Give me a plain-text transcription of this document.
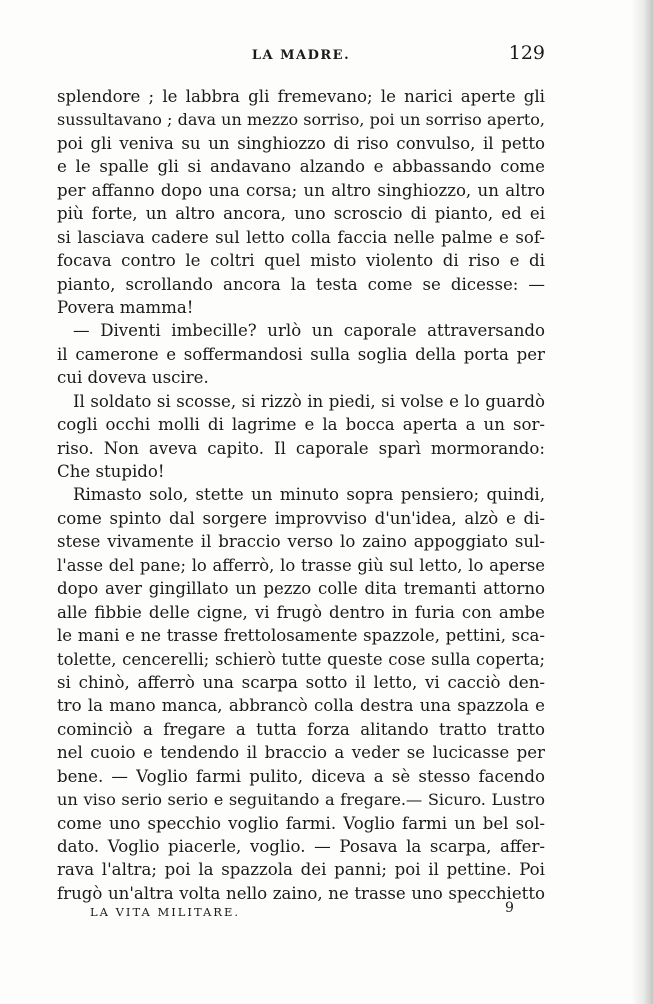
LA MADRE.	129
splendore ; le labbra gli fremevano; le narici aperte gli
sussultavano ; dava un mezzo sorriso, poi un sorriso aperto,
poi gli veniva su un singhiozzo di riso convulso, il petto
e le spalle gli si andavano alzando e abbassando come
per affanno dopo una corsa; un altro singhiozzo, un altro
più forte, un altro ancora, uno scroscio di pianto, ed ei
si lasciava cadere sul letto colla faccia nelle palme e sof-
focava contro le coltri quel misto violento di riso e di
pianto, scrollando ancora la testa come se dicesse: —
Povera mamma!
— Diventi imbecille? urlò un caporale attraversando
il camerone e soffermandosi sulla soglia della porta per
cui doveva uscire.
Il soldato si scosse, si rizzò in piedi, si volse e lo guardò
cogli occhi molli di lagrime e la bocca aperta a un sor-
riso. Non aveva capito. Il caporale sparì mormorando:
Che stupido!
Rimasto solo, stette un minuto sopra pensiero; quindi,
come spinto dal sorgere improvviso d'un'idea, alzò e di-
stese vivamente il braccio verso lo zaino appoggiato sul-
l'asse del pane; lo afferrò, lo trasse giù sul letto, lo aperse
dopo aver gingillato un pezzo colle dita tremanti attorno
alle fibbie delle cigne, vi frugò dentro in furia con ambe
le mani e ne trasse frettolosamente spazzole, pettini, sca-
tolette, cencerelli; schierò tutte queste cose sulla coperta;
si chinò, afferrò una scarpa sotto il letto, vi cacciò den-
tro la mano manca, abbrancò colla destra una spazzola e
cominciò a fregare a tutta forza alitando tratto tratto
nel cuoio e tendendo il braccio a veder se lucicasse per
bene. — Voglio farmi pulito, diceva a sè stesso facendo
un viso serio serio e seguitando a fregare.— Sicuro. Lustro
come uno specchio voglio farmi. Voglio farmi un bel sol-
dato. Voglio piacerle, voglio. — Posava la scarpa, affer-
rava l'altra; poi la spazzola dei panni; poi il pettine. Poi
frugò un'altra volta nello zaino, ne trasse uno specchietto
LA VITA MILITARE.	9
